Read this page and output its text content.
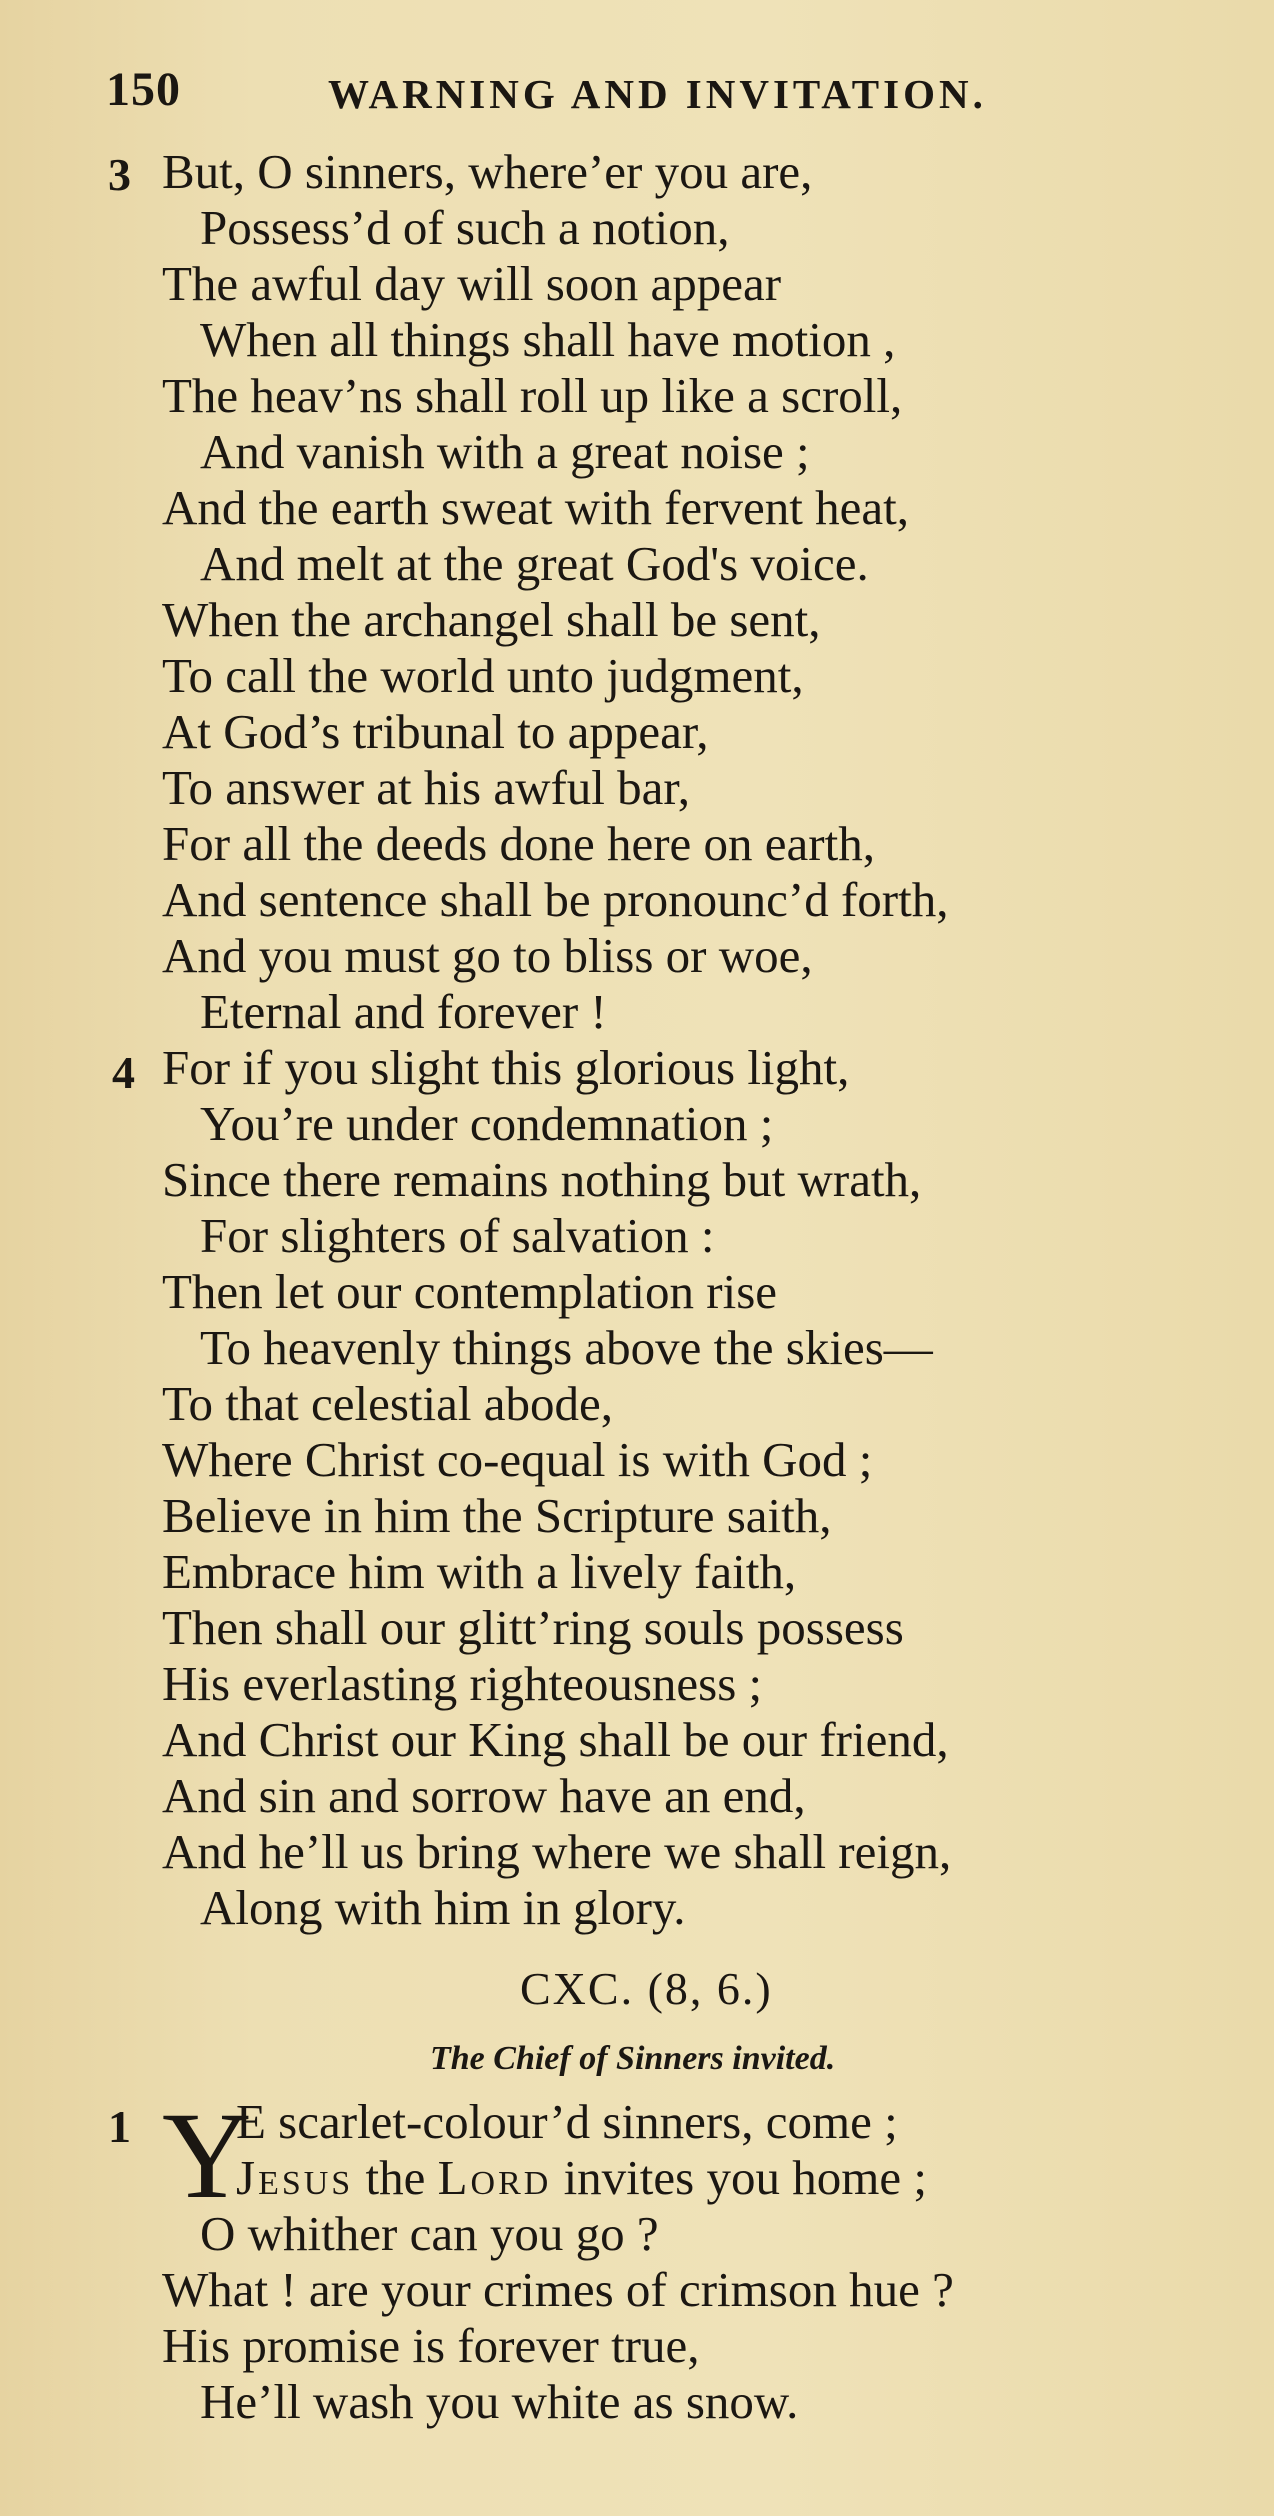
150	WARNING AND INVITATION.
3 But, O sinners, where’er you are,
Possess’d of such a notion,
The awful day will soon appear
When all things shall have motion ,
The heav’ns shall roll up like a scroll,
And vanish with a great noise ;
And the earth sweat with fervent heat,
And melt at the great God's voice.
When the archangel shall be sent,
To call the world unto judgment,
At God’s tribunal to appear,
To answer at his awful bar,
For all the deeds done here on earth,
And sentence shall be pronounc’d forth,
And you must go to bliss or woe,
Eternal and forever !
4 For if you slight this glorious light,
You’re under condemnation ;
Since there remains nothing but wrath,
For slighters of salvation :
Then let our contemplation rise
To heavenly things above the skies—
To that celestial abode,
Where Christ co-equal is with God ;
Believe in him the Scripture saith,
Embrace him with a lively faith,
Then shall our glitt’ring souls possess
His everlasting righteousness ;
And Christ our King shall be our friend,
And sin and sorrow have an end,
And he’ll us bring where we shall reign,
Along with him in glory.
CXC. (8, 6.)
The Chief of Sinners invited.
1 Y
E scarlet-colour’d sinners, come ;
Jesus the Lord invites you home ;
O whither can you go ?
What ! are your crimes of crimson hue ?
His promise is forever true,
He’ll wash you white as snow.
